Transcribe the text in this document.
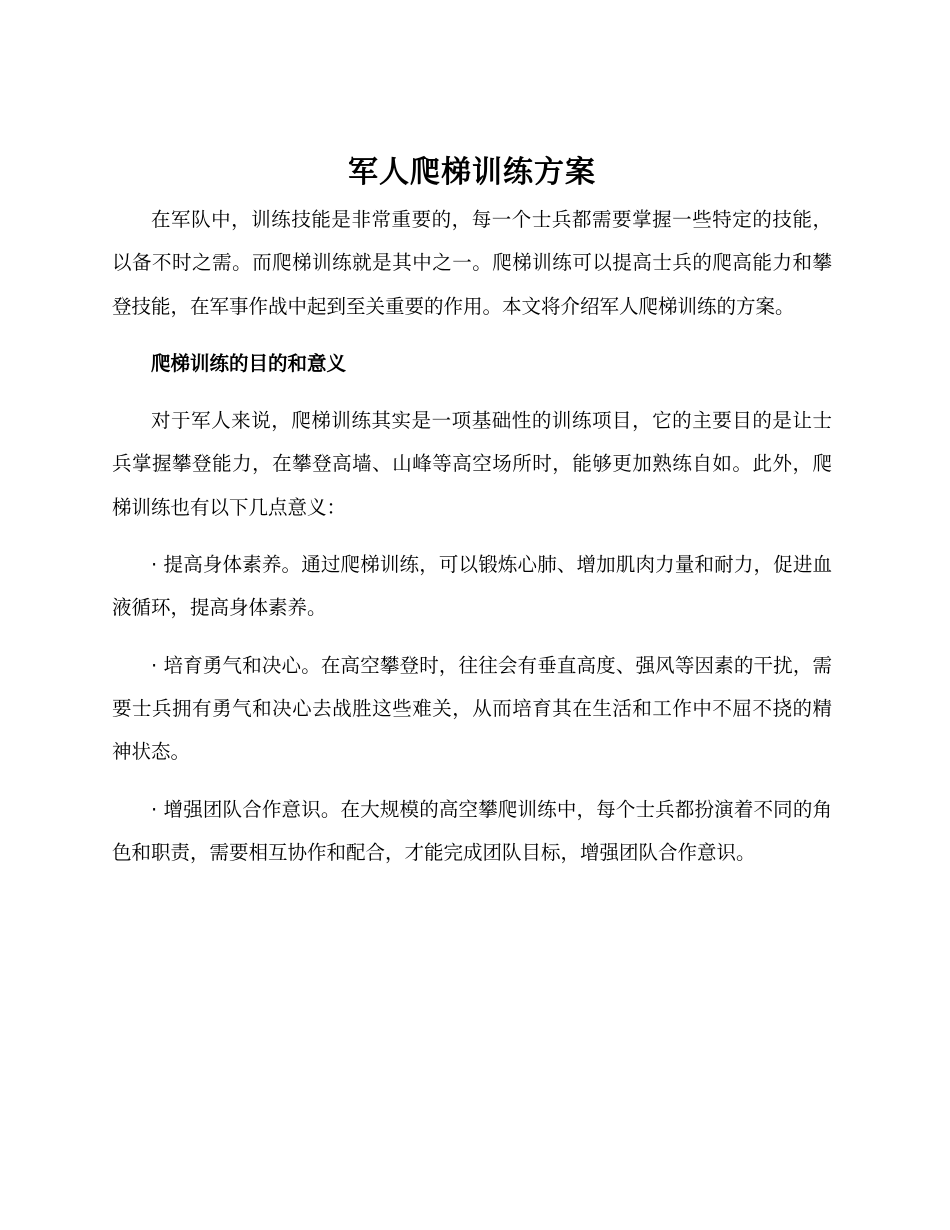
军人爬梯训练方案

在军队中，训练技能是非常重要的，每一个士兵都需要掌握一些特定的技能，以备不时之需。而爬梯训练就是其中之一。爬梯训练可以提高士兵的爬高能力和攀登技能，在军事作战中起到至关重要的作用。本文将介绍军人爬梯训练的方案。

爬梯训练的目的和意义

对于军人来说，爬梯训练其实是一项基础性的训练项目，它的主要目的是让士兵掌握攀登能力，在攀登高墙、山峰等高空场所时，能够更加熟练自如。此外，爬梯训练也有以下几点意义：

· 提高身体素养。通过爬梯训练，可以锻炼心肺、增加肌肉力量和耐力，促进血液循环，提高身体素养。

· 培育勇气和决心。在高空攀登时，往往会有垂直高度、强风等因素的干扰，需要士兵拥有勇气和决心去战胜这些难关，从而培育其在生活和工作中不屈不挠的精神状态。

· 增强团队合作意识。在大规模的高空攀爬训练中，每个士兵都扮演着不同的角色和职责，需要相互协作和配合，才能完成团队目标，增强团队合作意识。
